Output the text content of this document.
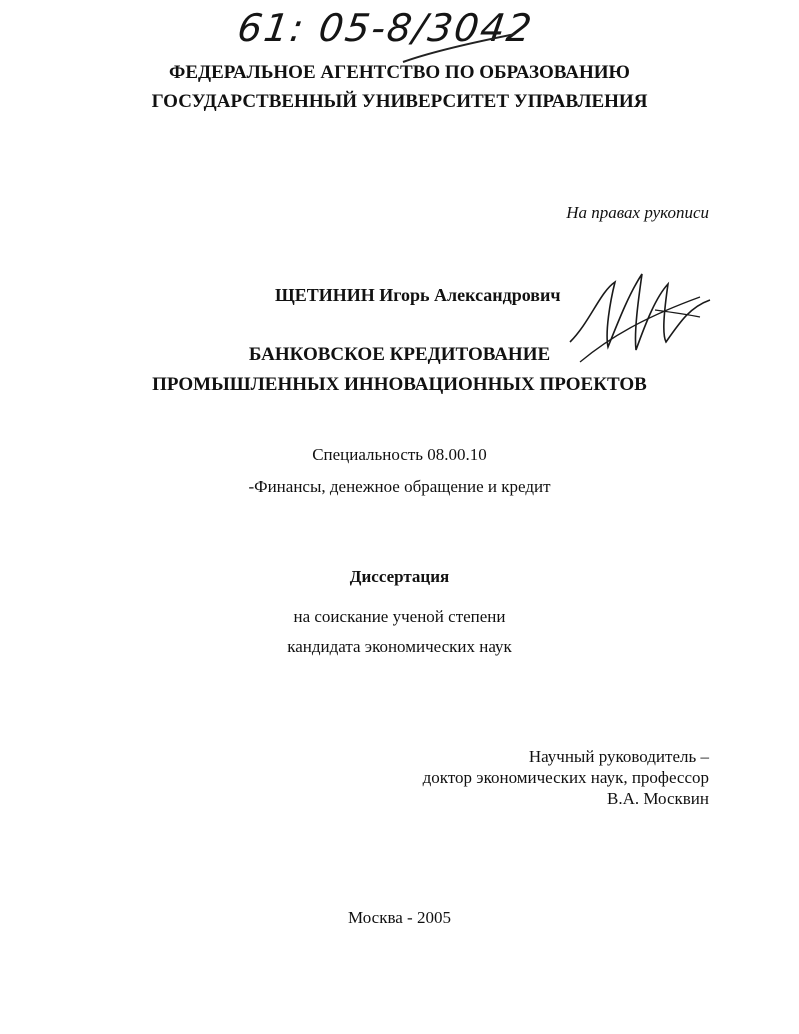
61: 05-8/3042
ФЕДЕРАЛЬНОЕ АГЕНТСТВО ПО ОБРАЗОВАНИЮ
ГОСУДАРСТВЕННЫЙ УНИВЕРСИТЕТ УПРАВЛЕНИЯ
На правах рукописи
ЩЕТИНИН Игорь Александрович
БАНКОВСКОЕ КРЕДИТОВАНИЕ
ПРОМЫШЛЕННЫХ ИННОВАЦИОННЫХ ПРОЕКТОВ
Специальность 08.00.10
-Финансы, денежное обращение и кредит
Диссертация
на соискание ученой степени
кандидата экономических наук
Научный руководитель –
доктор экономических наук, профессор
В.А. Москвин
Москва - 2005
